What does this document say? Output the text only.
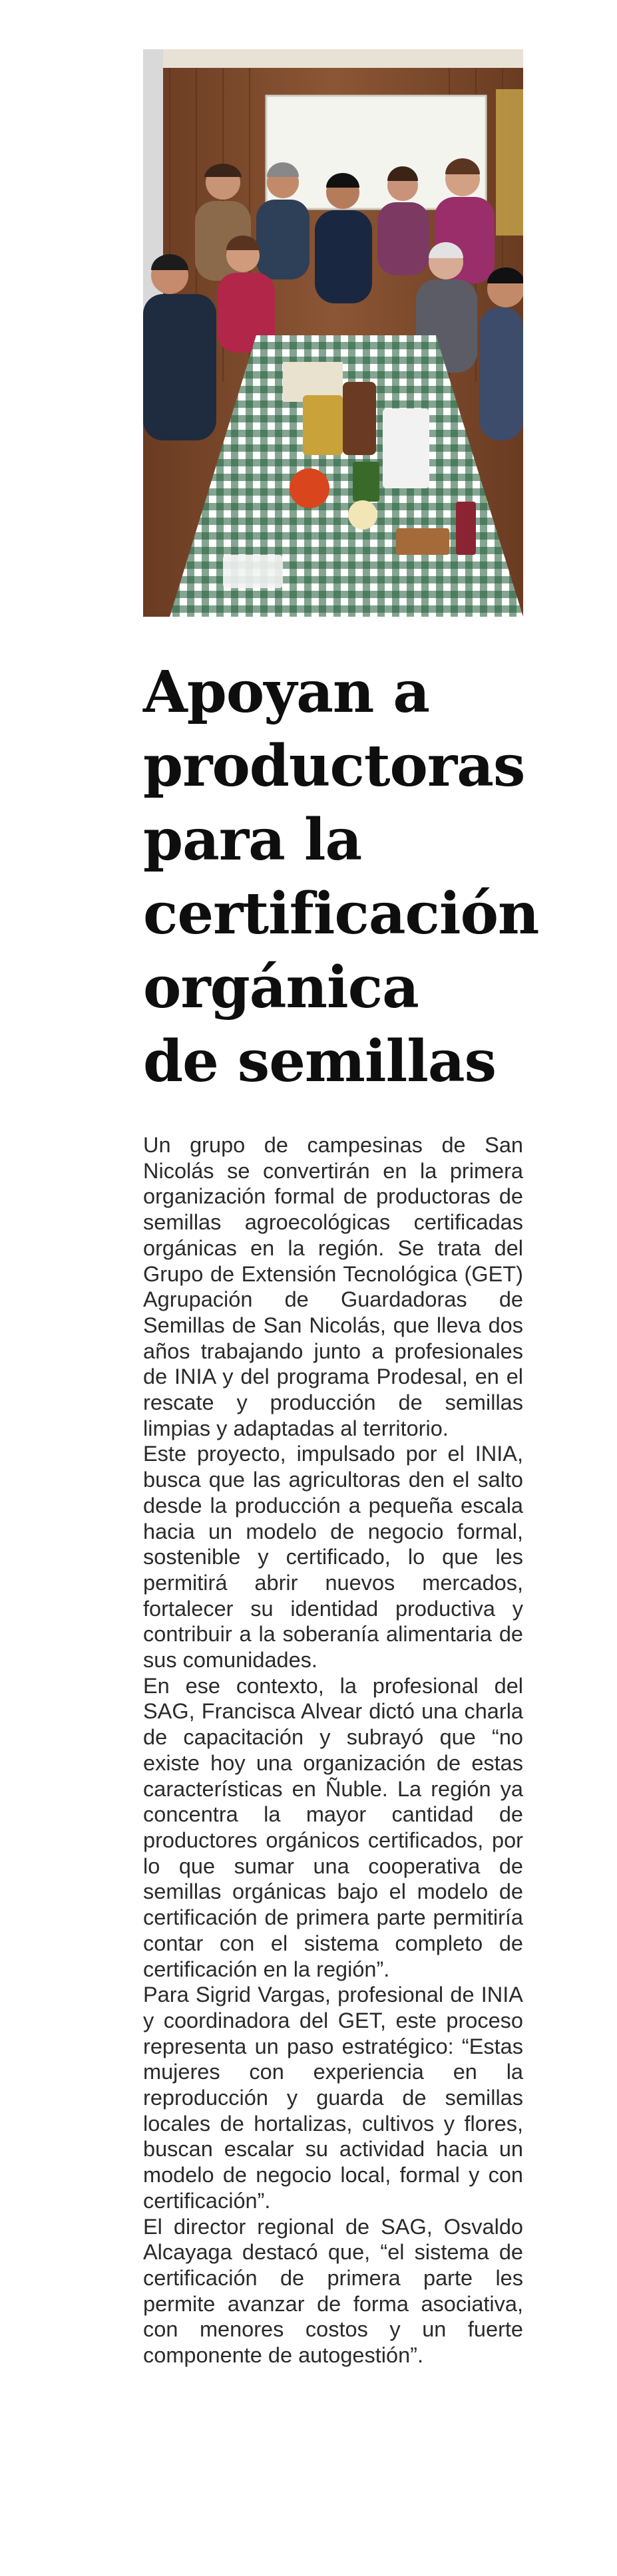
Apoyan a
productoras
para la
certificación
orgánica
de semillas

Un grupo de campesinas de San Nicolás se convertirán en la primera organización formal de productoras de semillas agroecológicas certificadas orgánicas en la región. Se trata del Grupo de Extensión Tecnológica (GET) Agrupación de Guardadoras de Semillas de San Nicolás, que lleva dos años trabajando junto a profesionales de INIA y del programa Prodesal, en el rescate y producción de semillas limpias y adaptadas al territorio.

Este proyecto, impulsado por el INIA, busca que las agricultoras den el salto desde la producción a pequeña escala hacia un modelo de negocio formal, sostenible y certificado, lo que les permitirá abrir nuevos mercados, fortalecer su identidad productiva y contribuir a la soberanía alimentaria de sus comunidades.

En ese contexto, la profesional del SAG, Francisca Alvear dictó una charla de capacitación y subrayó que “no existe hoy una organización de estas características en Ñuble. La región ya concentra la mayor cantidad de productores orgánicos certificados, por lo que sumar una cooperativa de semillas orgánicas bajo el modelo de certificación de primera parte permitiría contar con el sistema completo de certificación en la región”.

Para Sigrid Vargas, profesional de INIA y coordinadora del GET, este proceso representa un paso estratégico: “Estas mujeres con experiencia en la reproducción y guarda de semillas locales de hortalizas, cultivos y flores, buscan escalar su actividad hacia un modelo de negocio local, formal y con certificación”.

El director regional de SAG, Osvaldo Alcayaga destacó que, “el sistema de certificación de primera parte les permite avanzar de forma asociativa, con menores costos y un fuerte componente de autogestión”.
